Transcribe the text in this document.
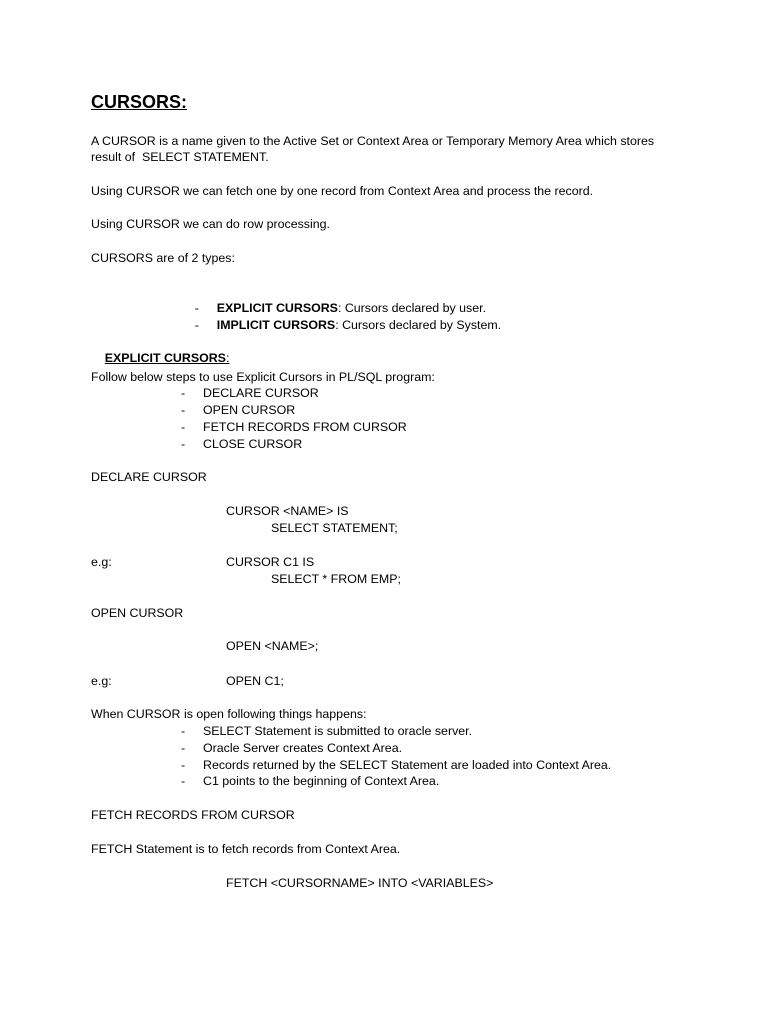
CURSORS:
A CURSOR is a name given to the Active Set or Context Area or Temporary Memory Area which stores
result of  SELECT STATEMENT.
Using CURSOR we can fetch one by one record from Context Area and process the record.
Using CURSOR we can do row processing.
CURSORS are of 2 types:

- EXPLICIT CURSORS: Cursors declared by user.

- IMPLICIT CURSORS: Cursors declared by System.

EXPLICIT CURSORS:

Follow below steps to use Explicit Cursors in PL/SQL program:
- DECLARE CURSOR
- OPEN CURSOR
- FETCH RECORDS FROM CURSOR
- CLOSE CURSOR
DECLARE CURSOR
CURSOR <NAME> IS
SELECT STATEMENT;
e.g:	CURSOR C1 IS
SELECT * FROM EMP;
OPEN CURSOR
OPEN <NAME>;
e.g:	OPEN C1;
When CURSOR is open following things happens:
- SELECT Statement is submitted to oracle server.
- Oracle Server creates Context Area.
- Records returned by the SELECT Statement are loaded into Context Area.
- C1 points to the beginning of Context Area.
FETCH RECORDS FROM CURSOR
FETCH Statement is to fetch records from Context Area.
FETCH <CURSORNAME> INTO <VARIABLES>
